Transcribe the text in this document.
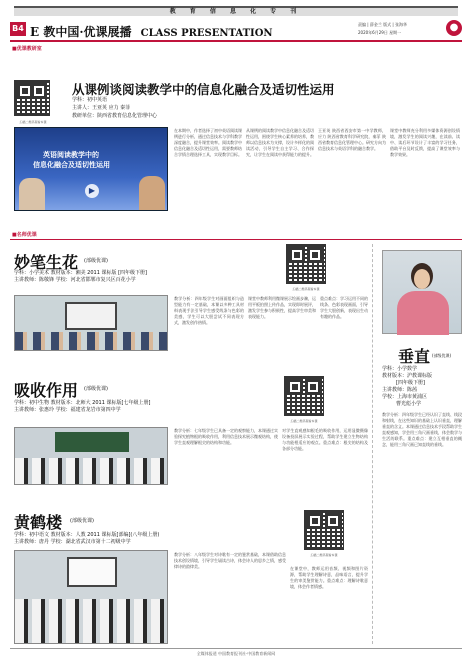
教 育 信 息 化 专 刊
B4 E 教中国·优课展播 CLASS PRESENTATION
责编 | 薛金兰 版式 | 张海华
2020年6月29日 星期一	●
■优课教研室
扫描二维码观看本课
从课例谈阅读教学中的信息化融合及适切性运用
学科：初中英语
主讲人：王亚英 应力 秦菲
教研单位：陕西省教育信息化管理中心
英语阅读教学中的
信息化融合及适切性运用
▶
在本期中，作者选择了初中英语阅读课例进行分析，通过信息技术与学科教学深度融合，提升课堂效率。阅读教学中信息化融合及适切性运用，需要教师结合学情合理选择工具，实现教学目标。
从课例的阅读教学中信息化融合及适切性运用，围绕学生核心素养的培养，教师以信息技术为支撑，设计多样化的阅读活动，引导学生自主学习、合作探究，让学生在阅读中获得能力的提升。
王亚英 陕西省西安市第一中学教师，应力 陕西省教育科学研究院，秦菲 陕西省教育信息化管理中心。研究方向为信息技术与英语学科的融合教学。
课堂中教师充分利用多媒体资源创设情境，激发学生的阅读兴趣，在读前、读中、读后环节设计了丰富的学习任务，借助平台及时反馈，提高了课堂效率与教学效果。
■名师优课
妙笔生花 (部级优课)
学科：小学美术 教材版本：湘美 2011 课标版 [四年级下册]
主讲教师：陈敬锋 学校：河北省邯郸市复兴区百花小学
扫描二维码观看本课
教学分析：四年级学生对画面组织与造型能力有一定基础，本课以多种工具材料表现手法引导学生感受线条与色彩的美感，学生可以大胆尝试不同表现方式，激发创作热情。
课堂中教师利用微课展示绘画步骤，运用平板拍照上传作品，实现即时展评，激发学生参与积极性，提高学生审美和表现能力。
重点难点：学习运用不同的线条、色彩表现画面，引导学生大胆创新，表现出生动有趣的作品。
垂直 (部级优课)
学科：小学数学
教材版本：沪教课标版
[四年级下册]
主讲教师：陈茜
学校：上海市黄浦区
曹光彪小学
教学分析：四年级学生已经认识了直线、线段和射线，在这些知识的基础上认识垂直，理解垂直的含义。本课通过信息技术手段帮助学生直观感知，学会用三角尺画垂线，体会数学与生活的联系。重点难点：建立互相垂直的概念，能用三角尺画已知直线的垂线。
吸收作用 (部级优课)
学科：初中生物 教材版本：北师大 2011 课标版[七年级上册]
主讲教师：张惠玲 学校：福建省龙岩市第四中学
扫描二维码观看本课
教学分析：七年级学生已具备一定的观察能力，本课通过实验探究植物根的吸收作用，利用信息技术展示微观结构，使学生直观理解根尖的结构和功能。
对学生直观感知根毛的吸收作用，运用显微摄像设备投屏展示实验过程，帮助学生建立生物结构与功能相适应的观点。重点难点：根尖的结构及各部分功能。
黄鹤楼 (部级优课)
学科：初中语文 教材版本：人教 2011 课标版[部编](八年级上册)
主讲教师：唐丹 学校：湖北省武汉市第十二初级中学
扫描二维码观看本课
教学分析：八年级学生对诗歌有一定的鉴赏基础，本课借助信息技术创设情境，引导学生诵读古诗，体会诗人的思乡之情，感受律诗的韵律美。	在课堂中，教师运用音频、视频和图片资源，帮助学生理解诗意，品味语言，提升学生的审美鉴赏能力。重点难点：理解诗歌意境，体会作者情感。
全媒体报道 中国教育报刊社·中国教育新闻网
